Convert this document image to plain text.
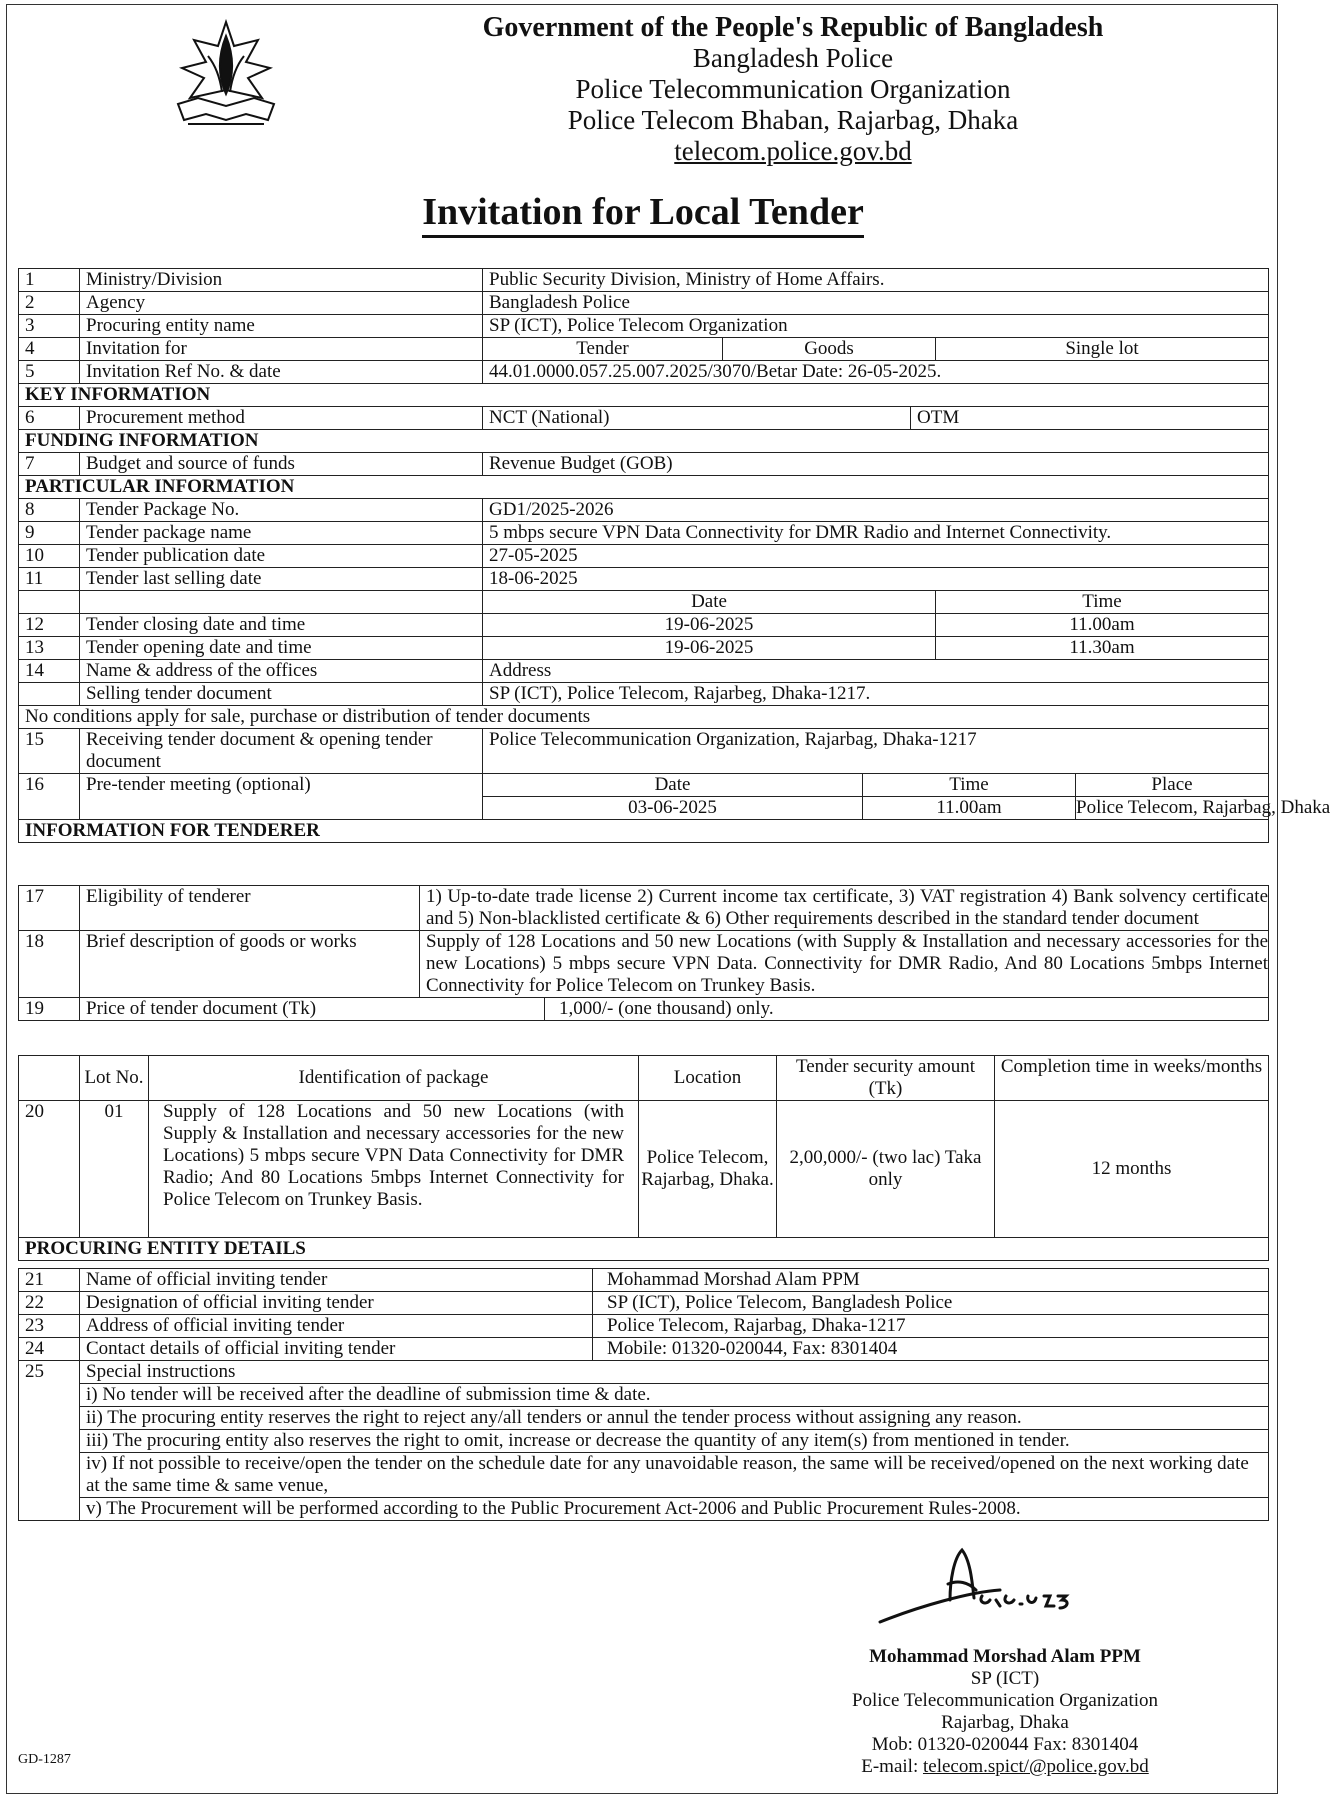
Government of the People's Republic of Bangladesh
Bangladesh Police
Police Telecommunication Organization
Police Telecom Bhaban, Rajarbag, Dhaka
telecom.police.gov.bd
Invitation for Local Tender
1	Ministry/Division	Public Security Division, Ministry of Home Affairs.					
2	Agency	Bangladesh Police					
3	Procuring entity name	SP (ICT), Police Telecom Organization					
4	Invitation for	Tender	Goods			Single lot	
5	Invitation Ref No. & date	44.01.0000.057.25.007.2025/3070/Betar Date: 26-05-2025.					
KEY INFORMATION							
6	Procurement method	NCT (National)			OTM		
FUNDING INFORMATION							
7	Budget and source of funds	Revenue Budget (GOB)					
PARTICULAR INFORMATION							
8	Tender Package No.	GD1/2025-2026					
9	Tender package name	5 mbps secure VPN Data Connectivity for DMR Radio and Internet Connectivity.					
10	Tender publication date	27-05-2025					
11	Tender last selling date	18-06-2025					
		Date				Time	
12	Tender closing date and time	19-06-2025				11.00am	
13	Tender opening date and time	19-06-2025				11.30am	
14	Name & address of the offices	Address					
	Selling tender document	SP (ICT), Police Telecom, Rajarbeg, Dhaka-1217.					
No conditions apply for sale, purchase or distribution of tender documents							
15	Receiving tender document & opening tender document	Police Telecommunication Organization, Rajarbag, Dhaka-1217					
16	Pre-tender meeting (optional)	Date		Time			Place
		03-06-2025		11.00am			Police Telecom, Rajarbag, Dhaka
INFORMATION FOR TENDERER							
17	Eligibility of tenderer	1) Up-to-date trade license 2) Current income tax certificate, 3) VAT registration 4) Bank solvency certificate and 5) Non-blacklisted certificate & 6) Other requirements described in the standard tender document	
18	Brief description of goods or works	Supply of 128 Locations and 50 new Locations (with Supply & Installation and necessary accessories for the new Locations) 5 mbps secure VPN Data. Connectivity for DMR Radio, And 80 Locations 5mbps Internet Connectivity for Police Telecom on Trunkey Basis.	
19	Price of tender document (Tk)		1,000/- (one thousand) only.
	Lot No.	Identification of package	Location	Tender security amount (Tk)	Completion time in weeks/months
20	01	Supply of 128 Locations and 50 new Locations (with Supply & Installation and necessary accessories for the new Locations) 5 mbps secure VPN Data Connectivity for DMR Radio; And 80 Locations 5mbps Internet Connectivity for Police Telecom on Trunkey Basis.	Police Telecom, Rajarbag, Dhaka.	2,00,000/- (two lac) Taka only	12 months
PROCURING ENTITY DETAILS					
21	Name of official inviting tender	Mohammad Morshad Alam PPM
22	Designation of official inviting tender	SP (ICT), Police Telecom, Bangladesh Police
23	Address of official inviting tender	Police Telecom, Rajarbag, Dhaka-1217
24	Contact details of official inviting tender	Mobile: 01320-020044, Fax: 8301404
25	Special instructions	
	i) No tender will be received after the deadline of submission time & date.	
	ii) The procuring entity reserves the right to reject any/all tenders or annul the tender process without assigning any reason.	
	iii) The procuring entity also reserves the right to omit, increase or decrease the quantity of any item(s) from mentioned in tender.	
	iv) If not possible to receive/open the tender on the schedule date for any unavoidable reason, the same will be received/opened on the next working date at the same time & same venue,	
	v) The Procurement will be performed according to the Public Procurement Act-2006 and Public Procurement Rules-2008.	
Mohammad Morshad Alam PPM
SP (ICT)
Police Telecommunication Organization
Rajarbag, Dhaka
Mob: 01320-020044 Fax: 8301404
E-mail: telecom.spict/@police.gov.bd
GD-1287
